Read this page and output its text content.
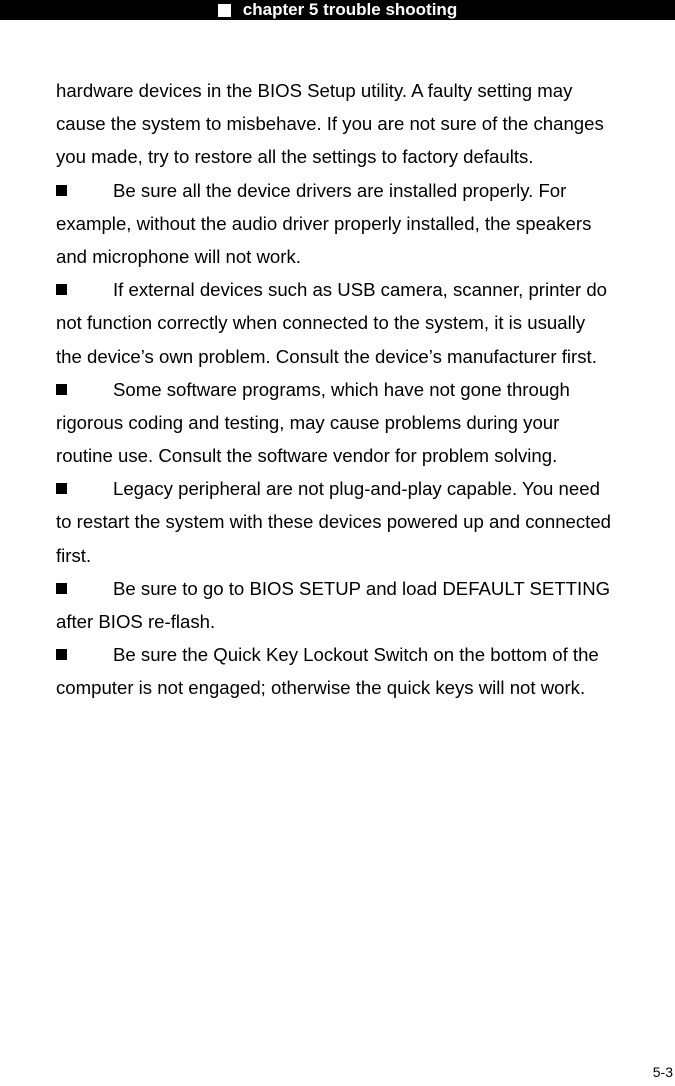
chapter 5 trouble shooting
hardware devices in the BIOS Setup utility. A faulty setting may
cause the system to misbehave. If you are not sure of the changes
you made, try to restore all the settings to factory defaults.
Be sure all the device drivers are installed properly. For
example, without the audio driver properly installed, the speakers
and microphone will not work.
If external devices such as USB camera, scanner, printer do
not function correctly when connected to the system, it is usually
the device’s own problem. Consult the device’s manufacturer first.
Some software programs, which have not gone through
rigorous coding and testing, may cause problems during your
routine use. Consult the software vendor for problem solving.
Legacy peripheral are not plug-and-play capable. You need
to restart the system with these devices powered up and connected
first.
Be sure to go to BIOS SETUP and load DEFAULT SETTING
after BIOS re-flash.
Be sure the Quick Key Lockout Switch on the bottom of the
computer is not engaged; otherwise the quick keys will not work.
5-3
